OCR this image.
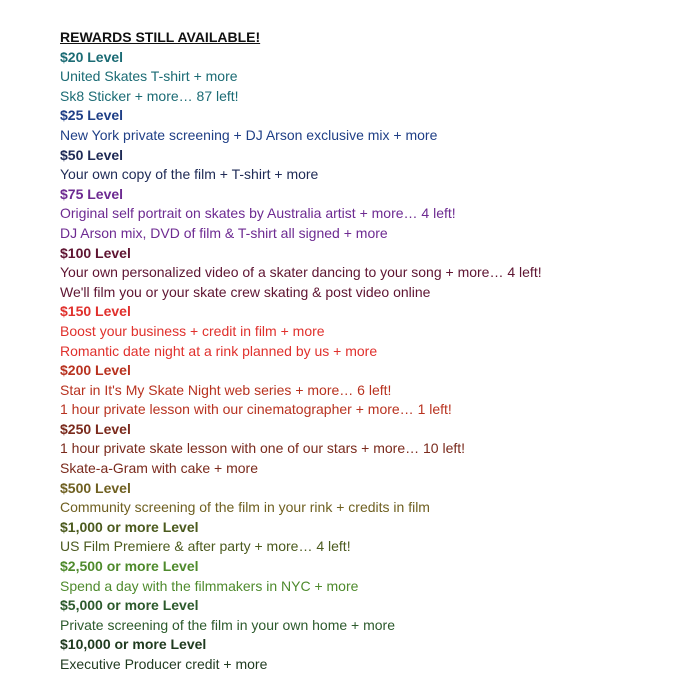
REWARDS STILL AVAILABLE!
$20 Level
United Skates T-shirt + more
Sk8 Sticker + more… 87 left!
$25 Level
New York private screening + DJ Arson exclusive mix + more
$50 Level
Your own copy of the film + T-shirt + more
$75 Level
Original self portrait on skates by Australia artist + more… 4 left!
DJ Arson mix, DVD of film & T-shirt all signed + more
$100 Level
Your own personalized video of a skater dancing to your song + more… 4 left!
We'll film you or your skate crew skating & post video online
$150 Level
Boost your business + credit in film + more
Romantic date night at a rink planned by us + more
$200 Level
Star in It's My Skate Night web series + more… 6 left!
1 hour private lesson with our cinematographer + more… 1 left!
$250 Level
1 hour private skate lesson with one of our stars + more… 10 left!
Skate-a-Gram with cake + more
$500 Level
Community screening of the film in your rink + credits in film
$1,000 or more Level
US Film Premiere & after party + more… 4 left!
$2,500 or more Level
Spend a day with the filmmakers in NYC + more
$5,000 or more Level
Private screening of the film in your own home + more
$10,000 or more Level
Executive Producer credit + more
